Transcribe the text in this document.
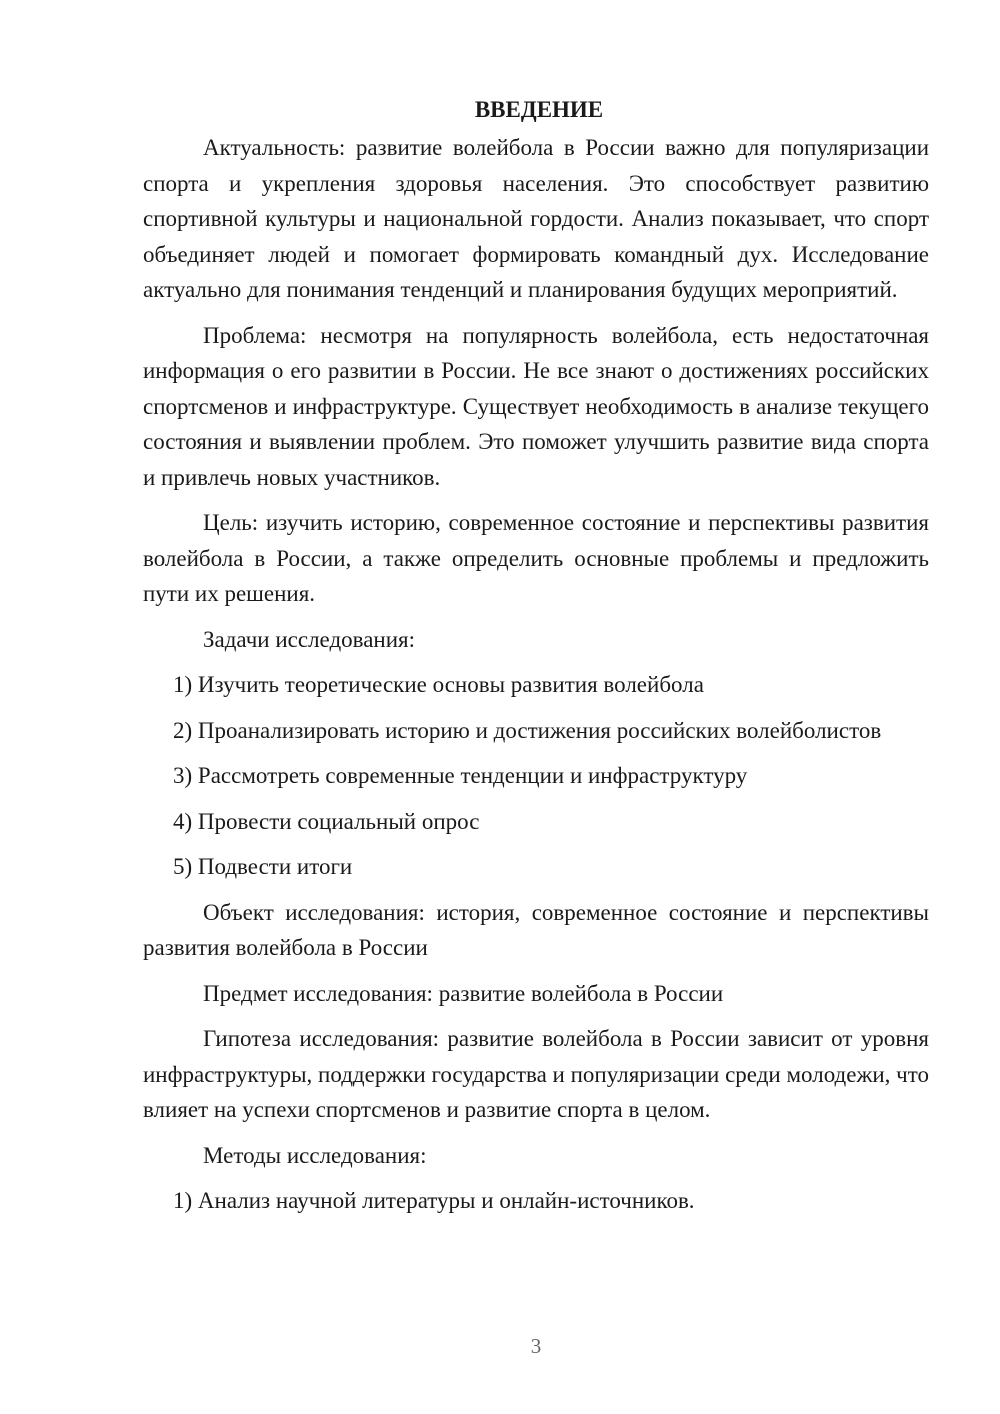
ВВЕДЕНИЕ

Актуальность: развитие волейбола в России важно для популяризации спорта и укрепления здоровья населения. Это способствует развитию спортивной культуры и национальной гордости. Анализ показывает, что спорт объединяет людей и помогает формировать командный дух. Исследование актуально для понимания тенденций и планирования будущих мероприятий.

Проблема: несмотря на популярность волейбола, есть недостаточная информация о его развитии в России. Не все знают о достижениях российских спортсменов и инфраструктуре. Существует необходимость в анализе текущего состояния и выявлении проблем. Это поможет улучшить развитие вида спорта и привлечь новых участников.

Цель: изучить историю, современное состояние и перспективы развития волейбола в России, а также определить основные проблемы и предложить пути их решения.

Задачи исследования:

1) Изучить теоретические основы развития волейбола

2) Проанализировать историю и достижения российских волейболистов

3) Рассмотреть современные тенденции и инфраструктуру

4) Провести социальный опрос

5) Подвести итоги

Объект исследования: история, современное состояние и перспективы развития волейбола в России

Предмет исследования: развитие волейбола в России

Гипотеза исследования: развитие волейбола в России зависит от уровня инфраструктуры, поддержки государства и популяризации среди молодежи, что влияет на успехи спортсменов и развитие спорта в целом.

Методы исследования:

1) Анализ научной литературы и онлайн-источников.

3
